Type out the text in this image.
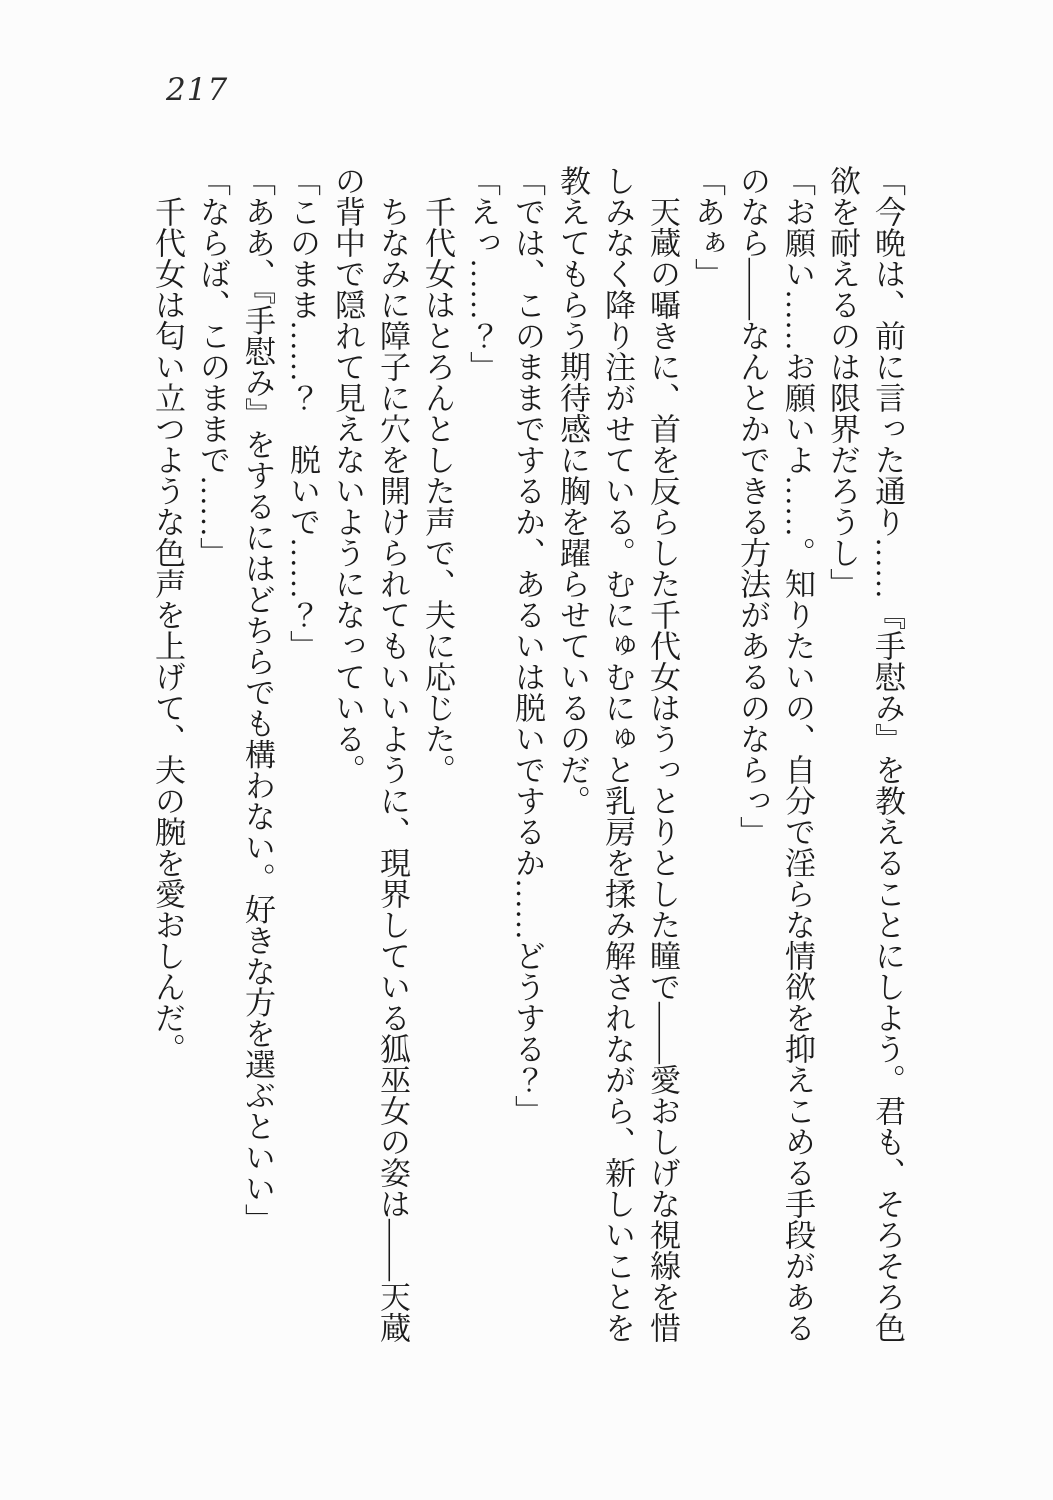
217

「今晩は、前に言った通り……『手慰み』を教えることにしよう。君も、そろそろ色欲を耐えるのは限界だろうし」

「お願い……お願いよ……。知りたいの、自分で淫らな情欲を抑えこめる手段があるのなら——なんとかできる方法があるのならっ」

「あぁ」

天蔵の囁きに、首を反らした千代女はうっとりとした瞳で——愛おしげな視線を惜しみなく降り注がせている。むにゅむにゅと乳房を揉み解されながら、新しいことを教えてもらう期待感に胸を躍らせているのだ。

「では、このままでするか、あるいは脱いでするか……どうする？」

「えっ……？」

千代女はとろんとした声で、夫に応じた。

ちなみに障子に穴を開けられてもいいように、現界している狐巫女の姿は——天蔵の背中で隠れて見えないようになっている。

「このまま……？　脱いで……？」

「ああ、『手慰み』をするにはどちらでも構わない。好きな方を選ぶといい」

「ならば、このままで……」

千代女は匂い立つような色声を上げて、夫の腕を愛おしんだ。
